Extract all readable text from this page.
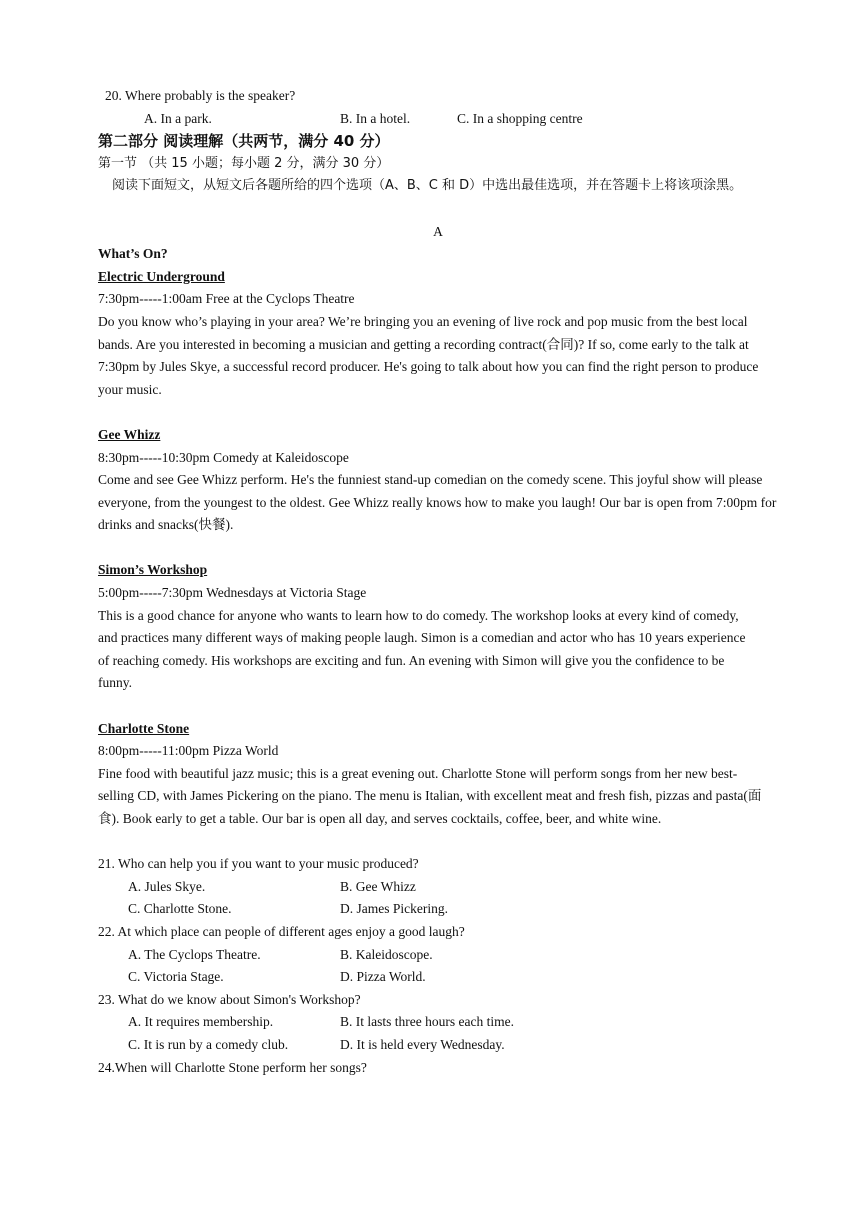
20. Where probably is the speaker?
A. In a park.	B. In a hotel.	C. In a shopping centre
第二部分 阅读理解（共两节，满分 40 分）
第一节 （共 15 小题；每小题 2 分，满分 30 分）
阅读下面短文，从短文后各题所给的四个选项（A、B、C 和 D）中选出最佳选项，并在答题卡上将该项涂黑。
A
What’s On?
Electric Underground
7:30pm-----1:00am Free at the Cyclops Theatre
Do you know who’s playing in your area? We’re bringing you an evening of live rock and pop music from the best local bands. Are you interested in becoming a musician and getting a recording contract(合同)? If so, come early to the talk at 7:30pm by Jules Skye, a successful record producer. He's going to talk about how you can find the right person to produce your music.
Gee Whizz
8:30pm-----10:30pm Comedy at Kaleidoscope
Come and see Gee Whizz perform. He's the funniest stand-up comedian on the comedy scene. This joyful show will please everyone, from the youngest to the oldest. Gee Whizz really knows how to make you laugh! Our bar is open from 7:00pm for drinks and snacks(快餐).
Simon’s Workshop
5:00pm-----7:30pm Wednesdays at Victoria Stage
This is a good chance for anyone who wants to learn how to do comedy. The workshop looks at every kind of comedy, and practices many different ways of making people laugh. Simon is a comedian and actor who has 10 years experience of reaching comedy. His workshops are exciting and fun. An evening with Simon will give you the confidence to be funny.
Charlotte Stone
8:00pm-----11:00pm Pizza World
Fine food with beautiful jazz music; this is a great evening out. Charlotte Stone will perform songs from her new best-selling CD, with James Pickering on the piano. The menu is Italian, with excellent meat and fresh fish, pizzas and pasta(面食). Book early to get a table. Our bar is open all day, and serves cocktails, coffee, beer, and white wine.
21. Who can help you if you want to your music produced?
A. Jules Skye.	B. Gee Whizz
C. Charlotte Stone.	D. James Pickering.
22. At which place can people of different ages enjoy a good laugh?
A. The Cyclops Theatre.	B. Kaleidoscope.
C. Victoria Stage.	D. Pizza World.
23. What do we know about Simon's Workshop?
A. It requires membership.	B. It lasts three hours each time.
C. It is run by a comedy club.	D. It is held every Wednesday.
24.When will Charlotte Stone perform her songs?
